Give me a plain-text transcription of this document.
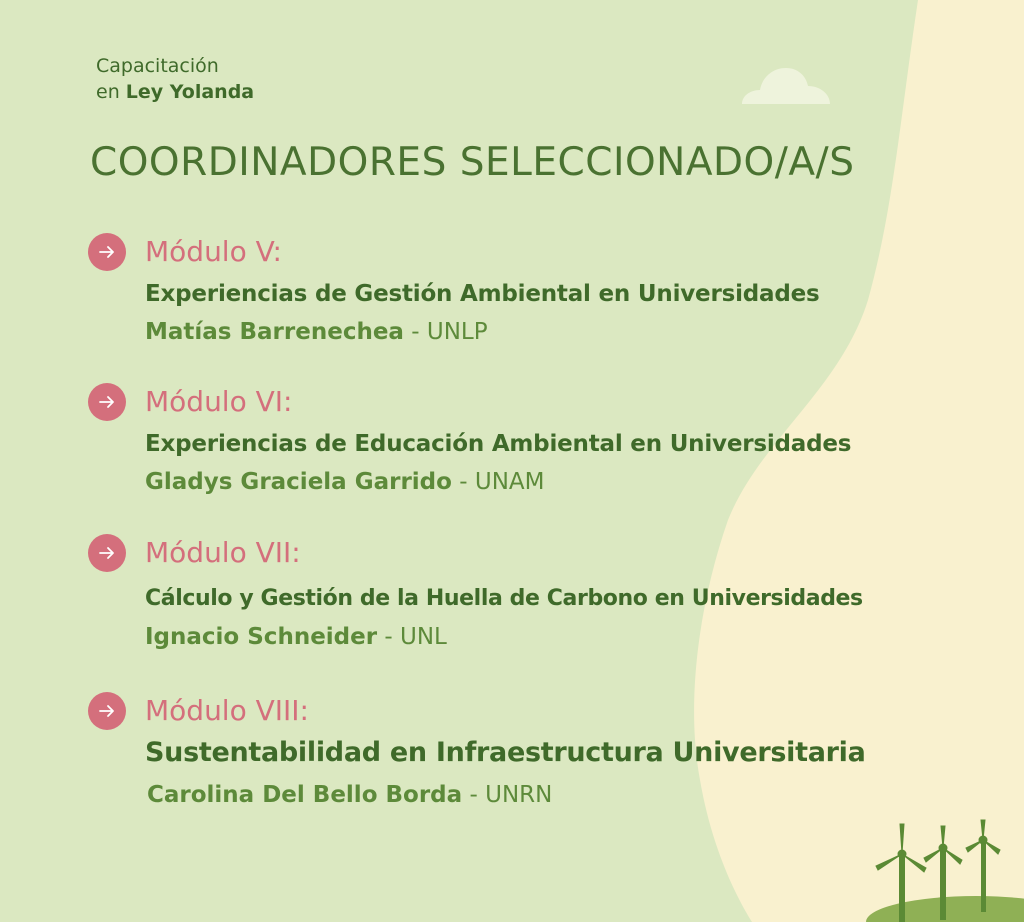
Capacitación
en Ley Yolanda
COORDINADORES SELECCIONADO/A/S
Módulo V:
Experiencias de Gestión Ambiental en Universidades
Matías Barrenechea - UNLP
Módulo VI:
Experiencias de Educación Ambiental en Universidades
Gladys Graciela Garrido - UNAM
Módulo VII:
Cálculo y Gestión de la Huella de Carbono en Universidades
Ignacio Schneider - UNL
Módulo VIII:
Sustentabilidad en Infraestructura Universitaria
Carolina Del Bello Borda - UNRN
